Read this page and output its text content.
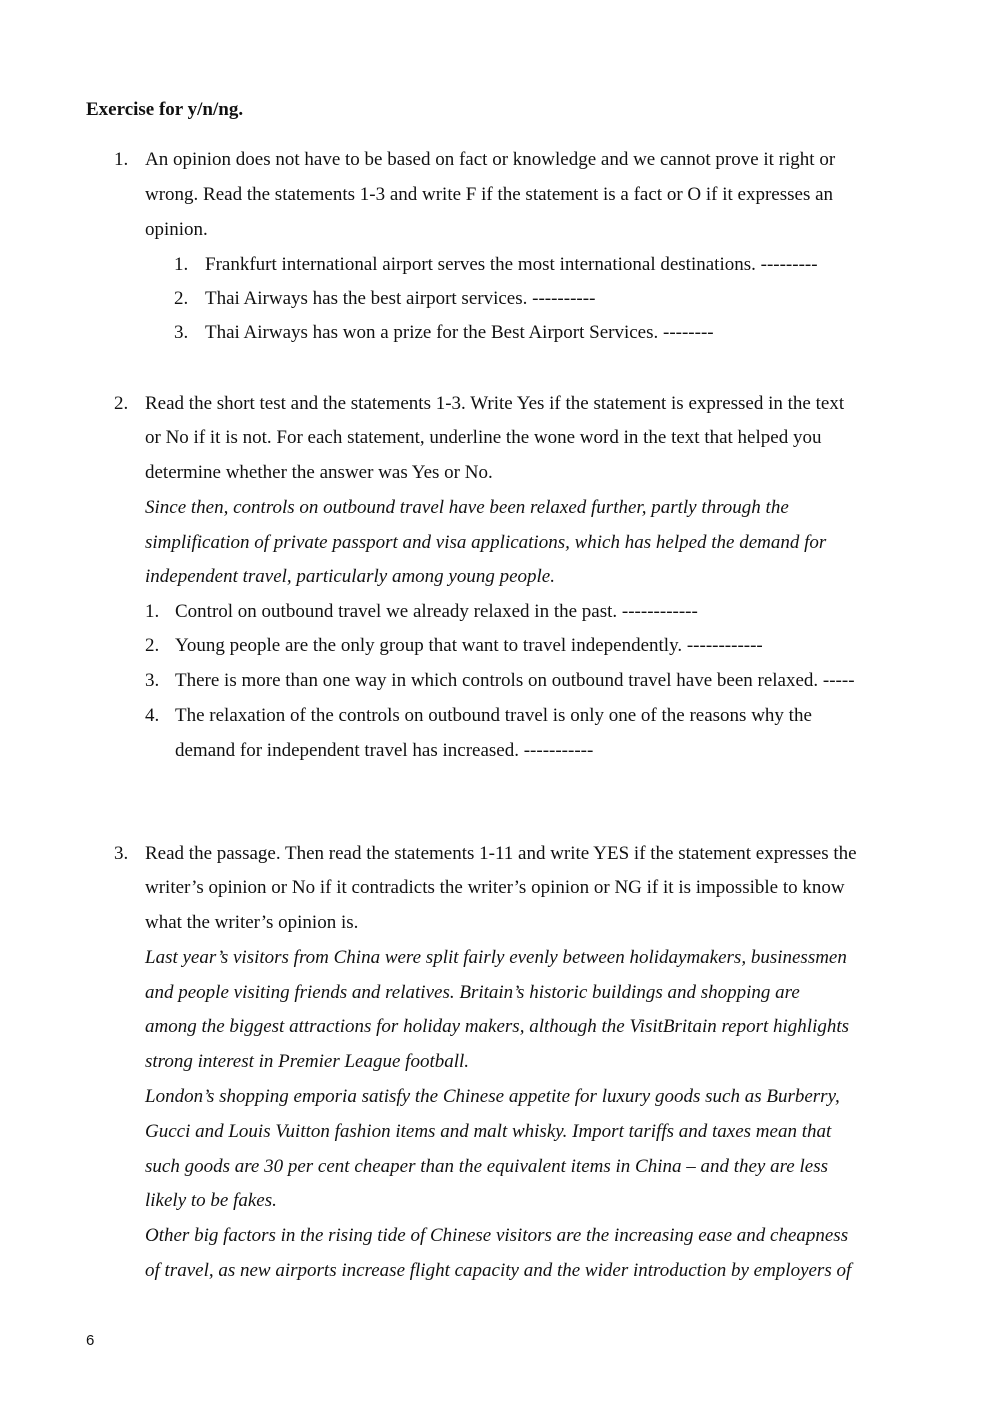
Exercise for y/n/ng.
1. An opinion does not have to be based on fact or knowledge and we cannot prove it right or
wrong. Read the statements 1-3 and write F if the statement is a fact or O if it expresses an
opinion.
1. Frankfurt international airport serves the most international destinations. ---------
2. Thai Airways has the best airport services. ----------
3. Thai Airways has won a prize for the Best Airport Services. --------
2. Read the short test and the statements 1-3. Write Yes if the statement is expressed in the text
or No if it is not. For each statement, underline the wone word in the text that helped you
determine whether the answer was Yes or No.
Since then, controls on outbound travel have been relaxed further, partly through the
simplification of private passport and visa applications, which has helped the demand for
independent travel, particularly among young people.
1. Control on outbound travel we already relaxed in the past. ------------
2. Young people are the only group that want to travel independently. ------------
3. There is more than one way in which controls on outbound travel have been relaxed. -----
4. The relaxation of the controls on outbound travel is only one of the reasons why the
demand for independent travel has increased. -----------
3. Read the passage. Then read the statements 1-11 and write YES if the statement expresses the
writer’s opinion or No if it contradicts the writer’s opinion or NG if it is impossible to know
what the writer’s opinion is.
Last year’s visitors from China were split fairly evenly between holidaymakers, businessmen
and people visiting friends and relatives. Britain’s historic buildings and shopping are
among the biggest attractions for holiday makers, although the VisitBritain report highlights
strong interest in Premier League football.
London’s shopping emporia satisfy the Chinese appetite for luxury goods such as Burberry,
Gucci and Louis Vuitton fashion items and malt whisky. Import tariffs and taxes mean that
such goods are 30 per cent cheaper than the equivalent items in China – and they are less
likely to be fakes.
Other big factors in the rising tide of Chinese visitors are the increasing ease and cheapness
of travel, as new airports increase flight capacity and the wider introduction by employers of
6
